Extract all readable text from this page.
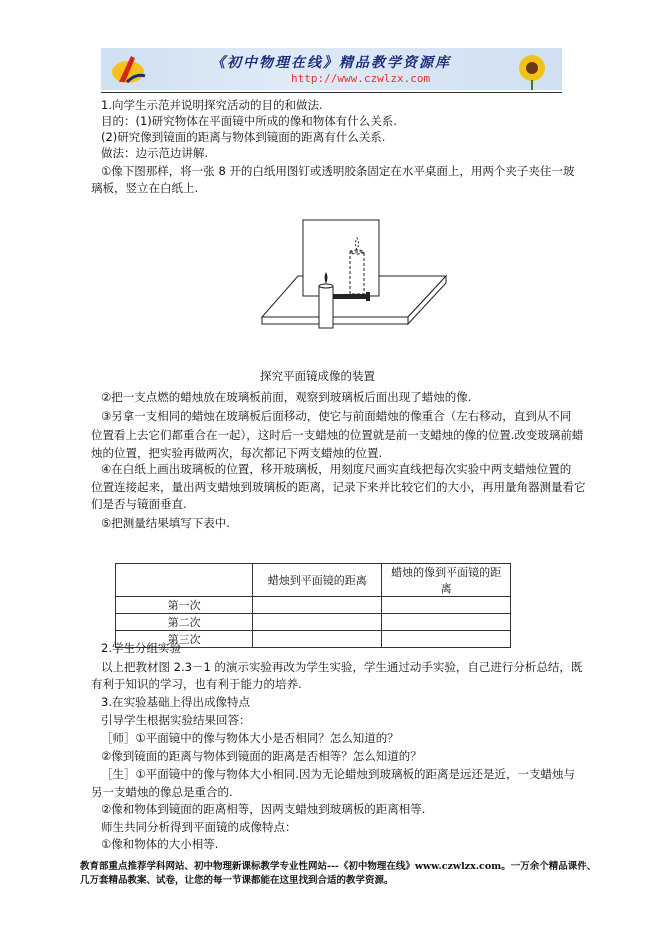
《初中物理在线》精品教学资源库
http://www.czwlzx.com
1.向学生示范并说明探究活动的目的和做法.
目的：(1)研究物体在平面镜中所成的像和物体有什么关系.
(2)研究像到镜面的距离与物体到镜面的距离有什么关系.
做法：边示范边讲解.
①像下图那样，将一张 8 开的白纸用图钉或透明胶条固定在水平桌面上，用两个夹子夹住一玻
璃板，竖立在白纸上.
探究平面镜成像的装置
②把一支点燃的蜡烛放在玻璃板前面，观察到玻璃板后面出现了蜡烛的像.
③另拿一支相同的蜡烛在玻璃板后面移动，使它与前面蜡烛的像重合（左右移动，直到从不同
位置看上去它们都重合在一起），这时后一支蜡烛的位置就是前一支蜡烛的像的位置.改变玻璃前蜡
烛的位置，把实验再做两次，每次都记下两支蜡烛的位置.
④在白纸上画出玻璃板的位置，移开玻璃板，用刻度尺画实直线把每次实验中两支蜡烛位置的
位置连接起来，量出两支蜡烛到玻璃板的距离，记录下来并比较它们的大小，再用量角器测量看它
们是否与镜面垂直.
⑤把测量结果填写下表中.
	蜡烛到平面镜的距离	蜡烛的像到平面镜的距离
第一次		
第二次		
第三次		
2.学生分组实验
以上把教材图 2.3－1 的演示实验再改为学生实验，学生通过动手实验，自己进行分析总结，既
有利于知识的学习，也有利于能力的培养.
3.在实验基础上得出成像特点
引导学生根据实验结果回答：
［师］①平面镜中的像与物体大小是否相同？怎么知道的？
②像到镜面的距离与物体到镜面的距离是否相等？怎么知道的？
［生］①平面镜中的像与物体大小相同.因为无论蜡烛到玻璃板的距离是远还是近，一支蜡烛与
另一支蜡烛的像总是重合的.
②像和物体到镜面的距离相等，因两支蜡烛到玻璃板的距离相等.
师生共同分析得到平面镜的成像特点：
①像和物体的大小相等.
教育部重点推荐学科网站、初中物理新课标教学专业性网站---《初中物理在线》www.czwlzx.com。一万余个精品课件、
几万套精品教案、试卷，让您的每一节课都能在这里找到合适的教学资源。
